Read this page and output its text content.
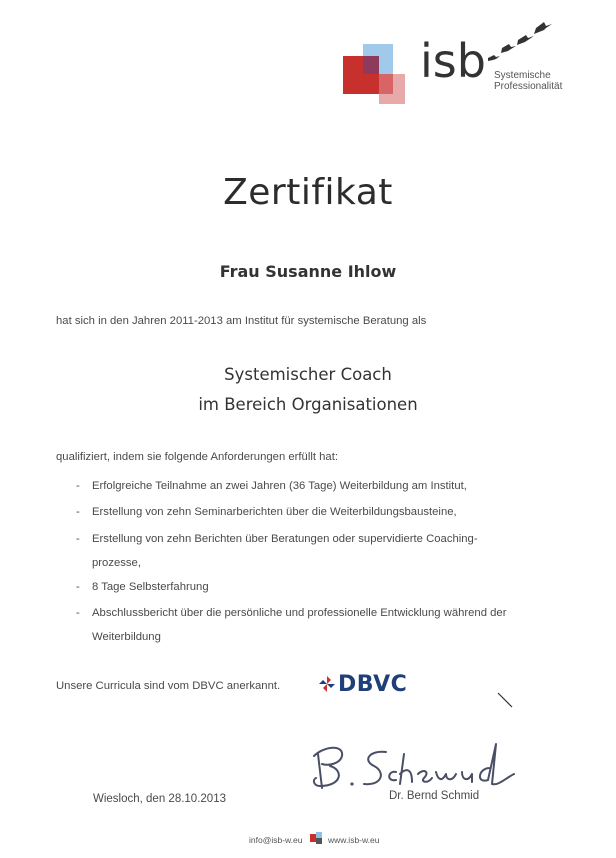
isb Systemische
Professionalität
Zertifikat
Frau Susanne Ihlow
hat sich in den Jahren 2011-2013 am Institut für systemische Beratung als
Systemischer Coach
im Bereich Organisationen
qualifiziert, indem sie folgende Anforderungen erfüllt hat:
- Erfolgreiche Teilnahme an zwei Jahren (36 Tage) Weiterbildung am Institut,
- Erstellung von zehn Seminarberichten über die Weiterbildungsbausteine,
- Erstellung von zehn Berichten über Beratungen oder supervidierte Coaching-
prozesse,
- 8 Tage Selbsterfahrung
- Abschlussbericht über die persönliche und professionelle Entwicklung während der
Weiterbildung
Unsere Curricula sind vom DBVC anerkannt.	DBVC
Wiesloch, den 28.10.2013	Dr. Bernd Schmid
info@isb-w.eu	www.isb-w.eu
